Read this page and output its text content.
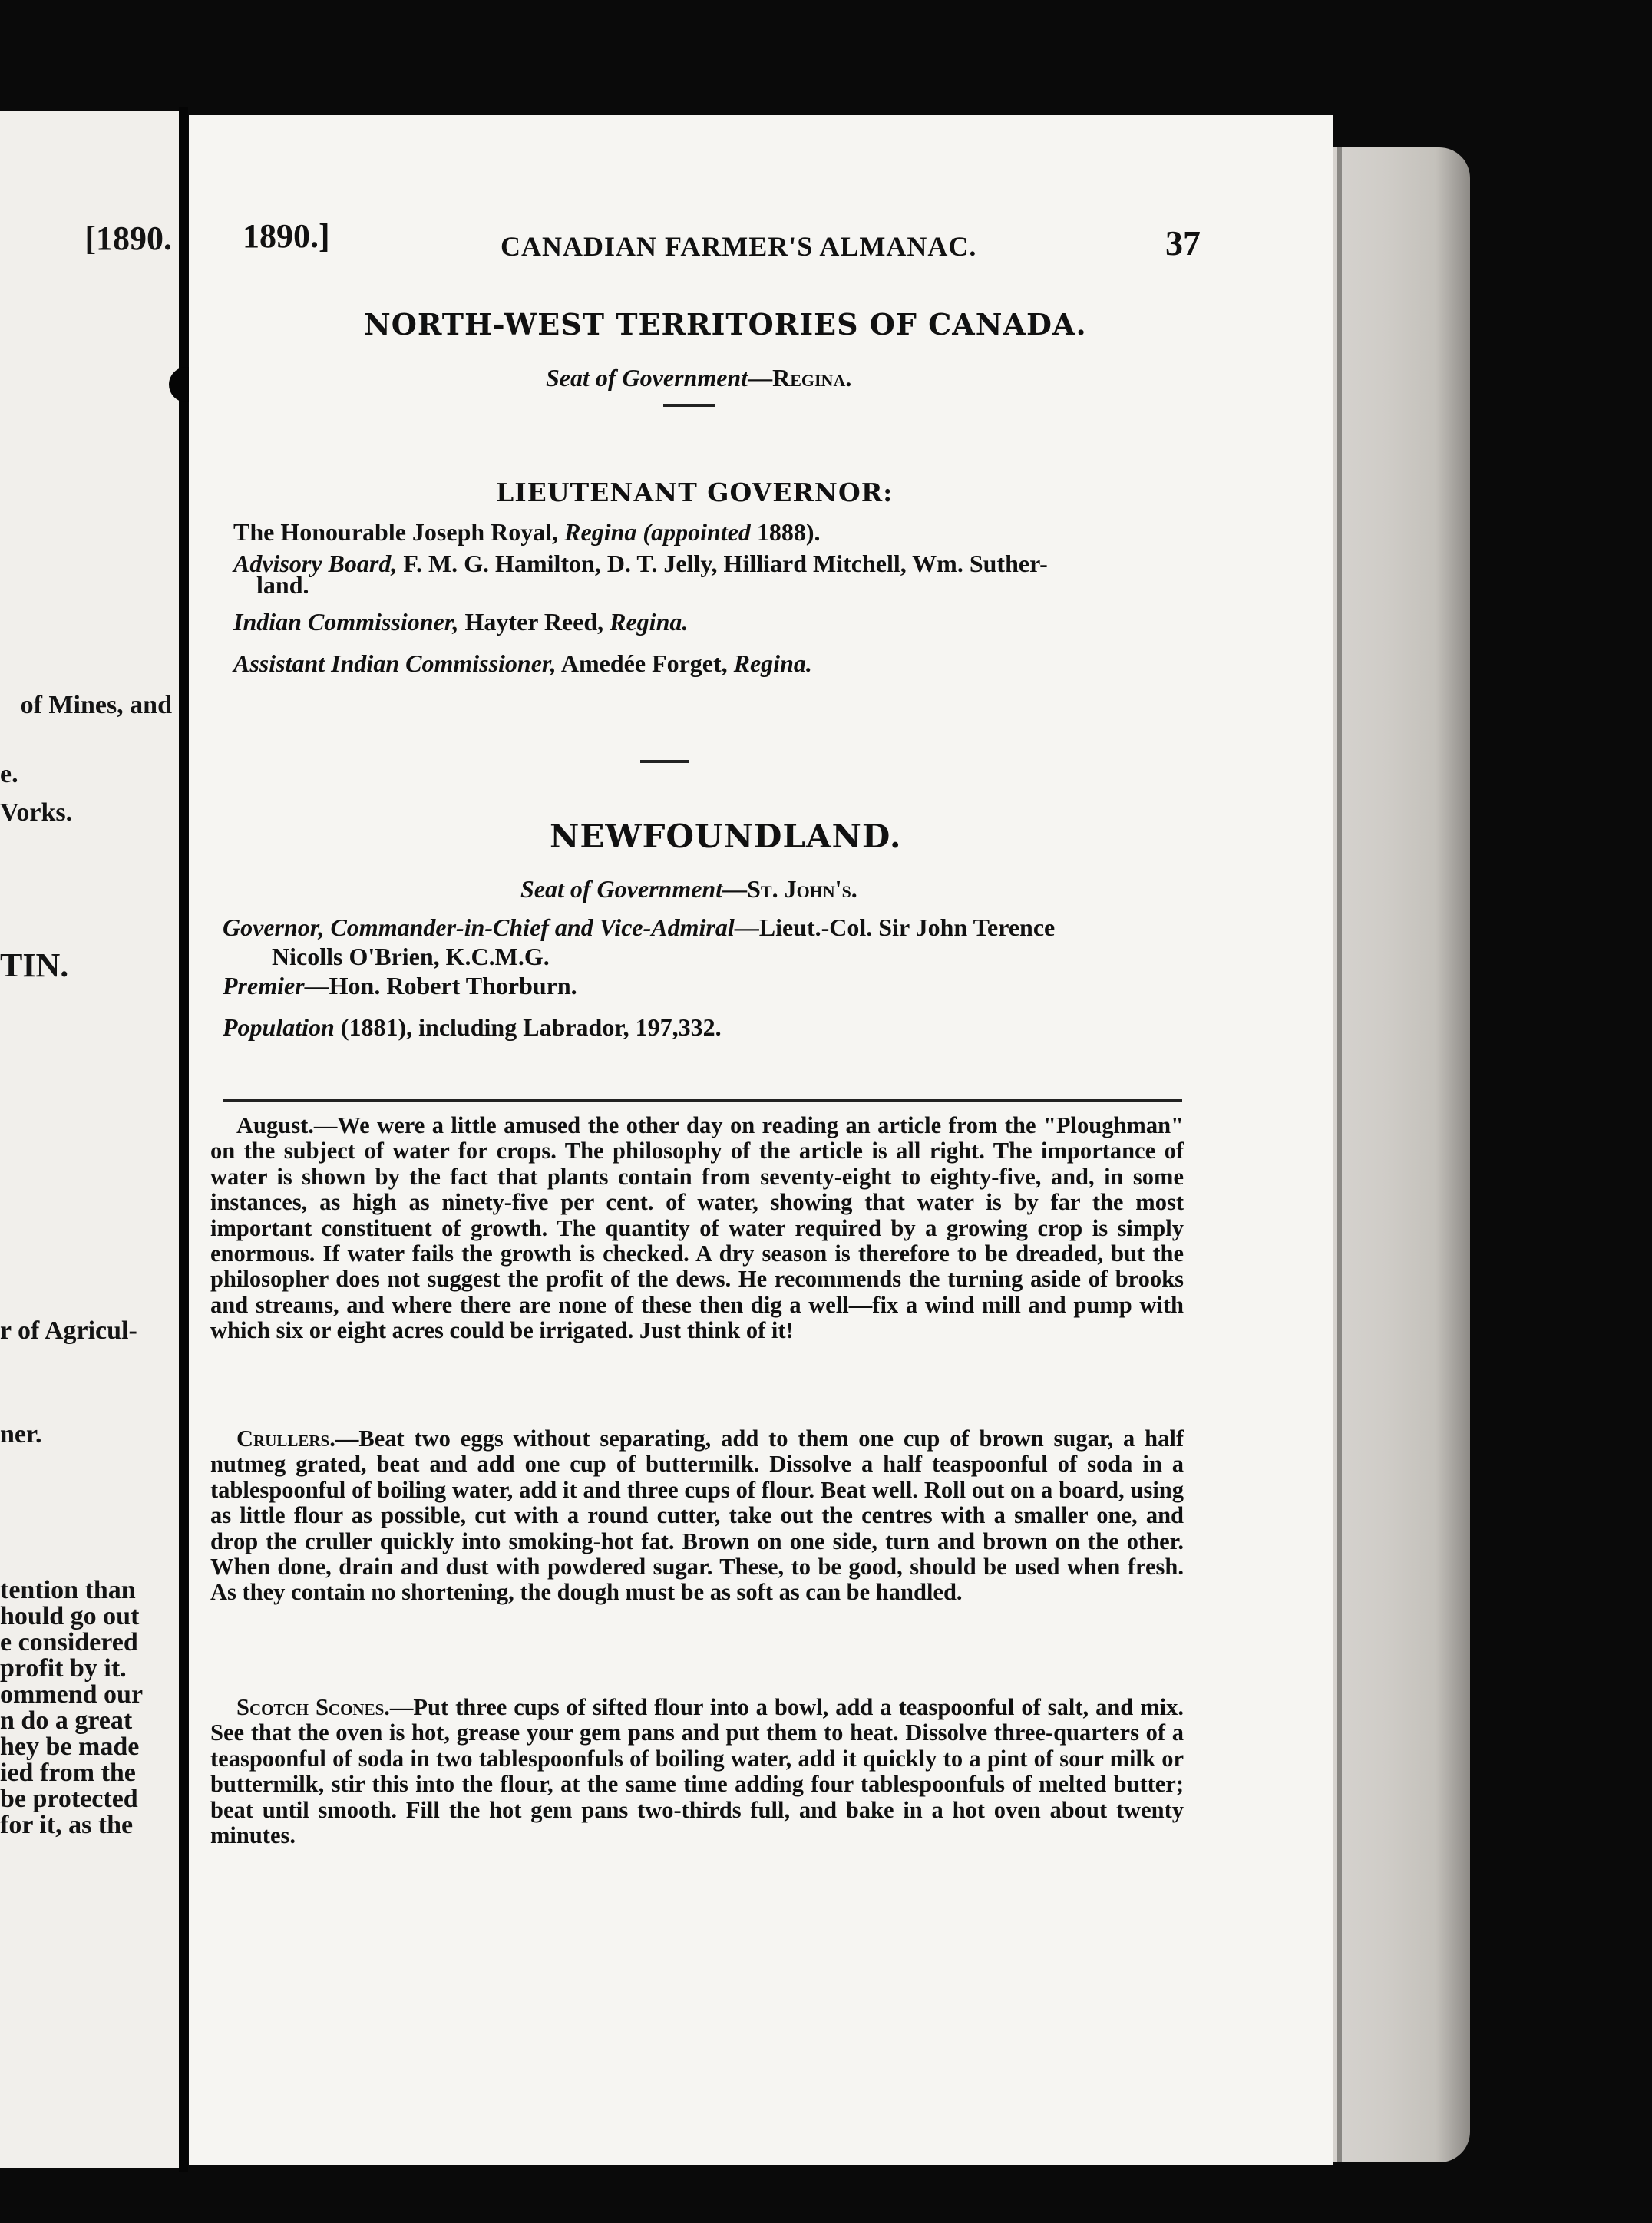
[1890.
of Mines, and
e.
Vorks.
TIN.
r of Agricul-
ner.
tention than
hould go out
e considered
profit by it.
ommend our
n do a great
hey be made
ied from the
be protected
for it, as the
1890.]	CANADIAN FARMER'S ALMANAC.	37
NORTH-WEST TERRITORIES OF CANADA.
Seat of Government—Regina.
LIEUTENANT GOVERNOR:
The Honourable Joseph Royal, Regina (appointed 1888).
Advisory Board, F. M. G. Hamilton, D. T. Jelly, Hilliard Mitchell, Wm. Suther-
land.
Indian Commissioner, Hayter Reed, Regina.
Assistant Indian Commissioner, Amedée Forget, Regina.
NEWFOUNDLAND.
Seat of Government—St. John's.
Governor, Commander-in-Chief and Vice-Admiral—Lieut.-Col. Sir John Terence
Nicolls O'Brien, K.C.M.G.
Premier—Hon. Robert Thorburn.
Population (1881), including Labrador, 197,332.
August.—We were a little amused the other day on reading an article from the "Ploughman" on the subject of water for crops. The philosophy of the article is all right. The importance of water is shown by the fact that plants contain from seventy-eight to eighty-five, and, in some instances, as high as ninety-five per cent. of water, showing that water is by far the most important constituent of growth. The quantity of water required by a growing crop is simply enormous. If water fails the growth is checked. A dry season is therefore to be dreaded, but the philosopher does not suggest the profit of the dews. He recommends the turning aside of brooks and streams, and where there are none of these then dig a well—fix a wind mill and pump with which six or eight acres could be irrigated. Just think of it!
Crullers.—Beat two eggs without separating, add to them one cup of brown sugar, a half nutmeg grated, beat and add one cup of buttermilk. Dissolve a half teaspoonful of soda in a tablespoonful of boiling water, add it and three cups of flour. Beat well. Roll out on a board, using as little flour as possible, cut with a round cutter, take out the centres with a smaller one, and drop the cruller quickly into smoking-hot fat. Brown on one side, turn and brown on the other. When done, drain and dust with powdered sugar. These, to be good, should be used when fresh. As they contain no shortening, the dough must be as soft as can be handled.
Scotch Scones.—Put three cups of sifted flour into a bowl, add a teaspoonful of salt, and mix. See that the oven is hot, grease your gem pans and put them to heat. Dissolve three-quarters of a teaspoonful of soda in two tablespoonfuls of boiling water, add it quickly to a pint of sour milk or buttermilk, stir this into the flour, at the same time adding four tablespoonfuls of melted butter; beat until smooth. Fill the hot gem pans two-thirds full, and bake in a hot oven about twenty minutes.
